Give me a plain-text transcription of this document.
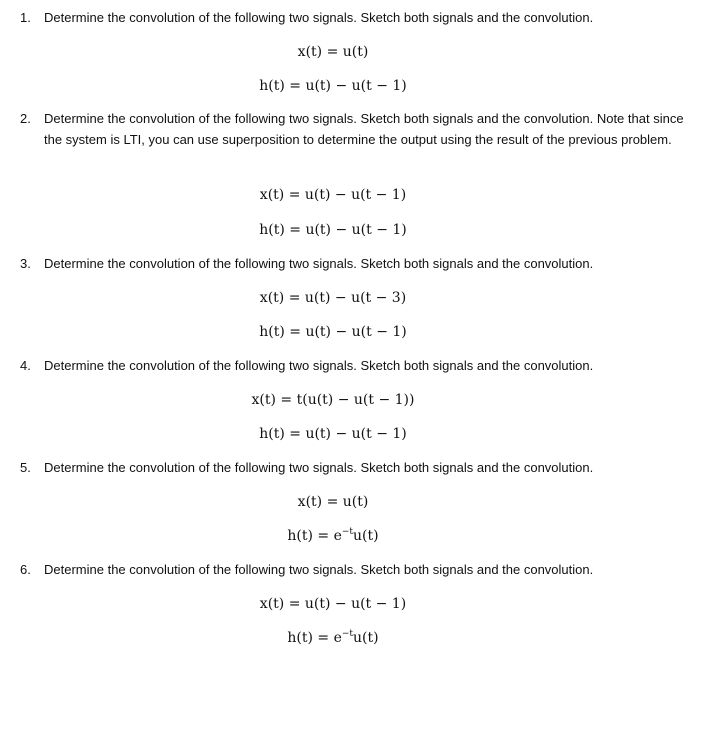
1. Determine the convolution of the following two signals. Sketch both signals and the convolution.
x(t) = u(t)
h(t) = u(t) − u(t − 1)
2. Determine the convolution of the following two signals. Sketch both signals and the convolution. Note that since the system is LTI, you can use superposition to determine the output using the result of the previous problem.
x(t) = u(t) − u(t − 1)
h(t) = u(t) − u(t − 1)
3. Determine the convolution of the following two signals. Sketch both signals and the convolution.
x(t) = u(t) − u(t − 3)
h(t) = u(t) − u(t − 1)
4. Determine the convolution of the following two signals. Sketch both signals and the convolution.
x(t) = t(u(t) − u(t − 1))
h(t) = u(t) − u(t − 1)
5. Determine the convolution of the following two signals. Sketch both signals and the convolution.
x(t) = u(t)
$h(t) = e^{-t}u(t)$
6. Determine the convolution of the following two signals. Sketch both signals and the convolution.
x(t) = u(t) − u(t − 1)
$h(t) = e^{-t}u(t)$
